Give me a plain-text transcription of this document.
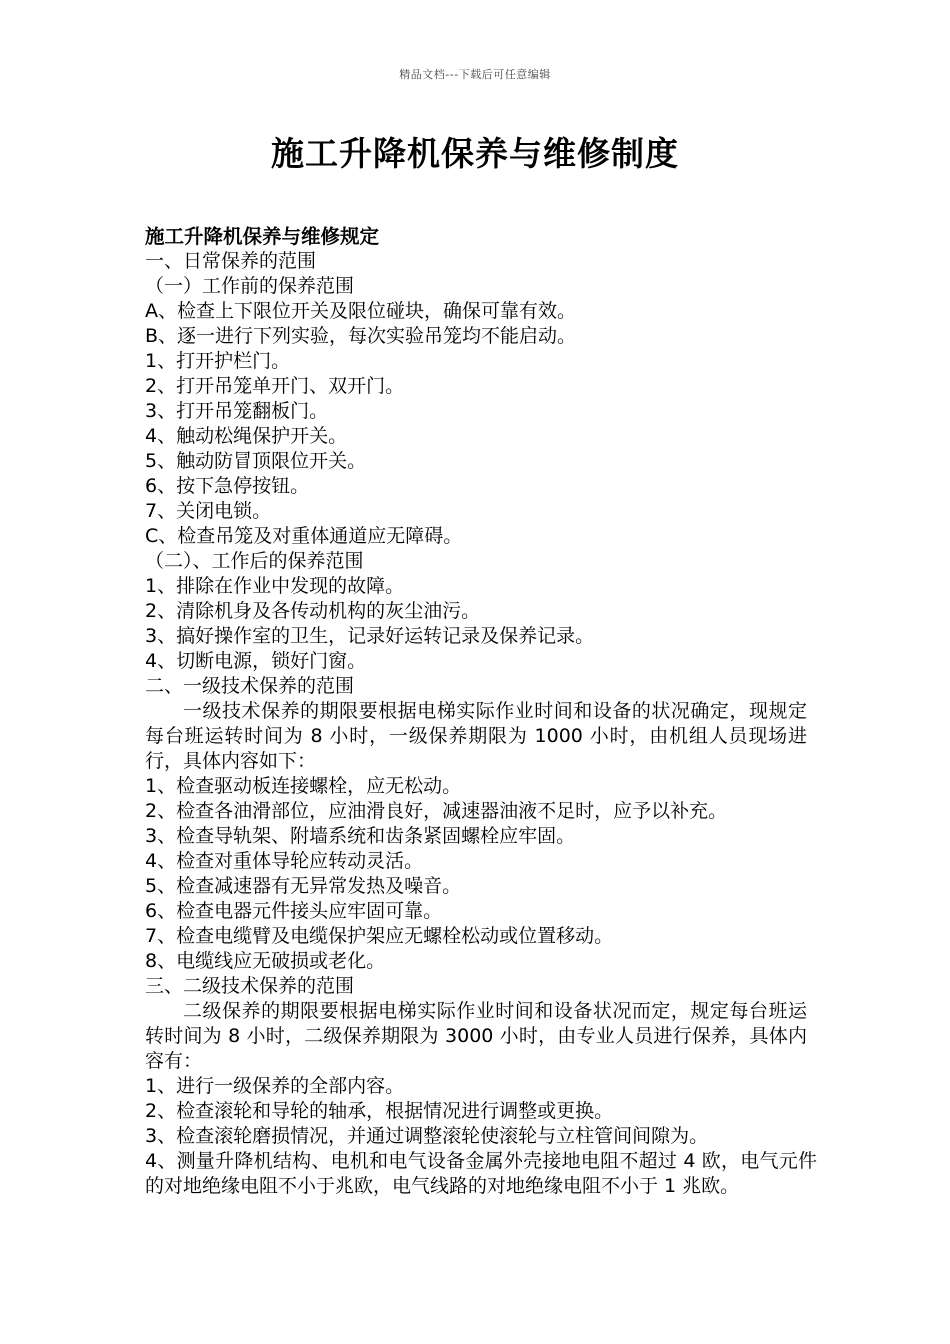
精品文档---下载后可任意编辑
施工升降机保养与维修制度
施工升降机保养与维修规定
一、日常保养的范围
（一）工作前的保养范围
A、检查上下限位开关及限位碰块，确保可靠有效。
B、逐一进行下列实验，每次实验吊笼均不能启动。
1、打开护栏门。
2、打开吊笼单开门、双开门。
3、打开吊笼翻板门。
4、触动松绳保护开关。
5、触动防冒顶限位开关。
6、按下急停按钮。
7、关闭电锁。
C、检查吊笼及对重体通道应无障碍。
（二）、工作后的保养范围
1、排除在作业中发现的故障。
2、清除机身及各传动机构的灰尘油污。
3、搞好操作室的卫生，记录好运转记录及保养记录。
4、切断电源，锁好门窗。
二、一级技术保养的范围
一级技术保养的期限要根据电梯实际作业时间和设备的状况确定，现规定每台班运转时间为 8 小时，一级保养期限为 1000 小时，由机组人员现场进行，具体内容如下：
1、检查驱动板连接螺栓，应无松动。
2、检查各油滑部位，应油滑良好，减速器油液不足时，应予以补充。
3、检查导轨架、附墙系统和齿条紧固螺栓应牢固。
4、检查对重体导轮应转动灵活。
5、检查减速器有无异常发热及噪音。
6、检查电器元件接头应牢固可靠。
7、检查电缆臂及电缆保护架应无螺栓松动或位置移动。
8、电缆线应无破损或老化。
三、二级技术保养的范围
二级保养的期限要根据电梯实际作业时间和设备状况而定，规定每台班运转时间为 8 小时，二级保养期限为 3000 小时，由专业人员进行保养，具体内容有：
1、进行一级保养的全部内容。
2、检查滚轮和导轮的轴承，根据情况进行调整或更换。
3、检查滚轮磨损情况，并通过调整滚轮使滚轮与立柱管间间隙为。
4、测量升降机结构、电机和电气设备金属外壳接地电阻不超过 4 欧，电气元件的对地绝缘电阻不小于兆欧，电气线路的对地绝缘电阻不小于 1 兆欧。
